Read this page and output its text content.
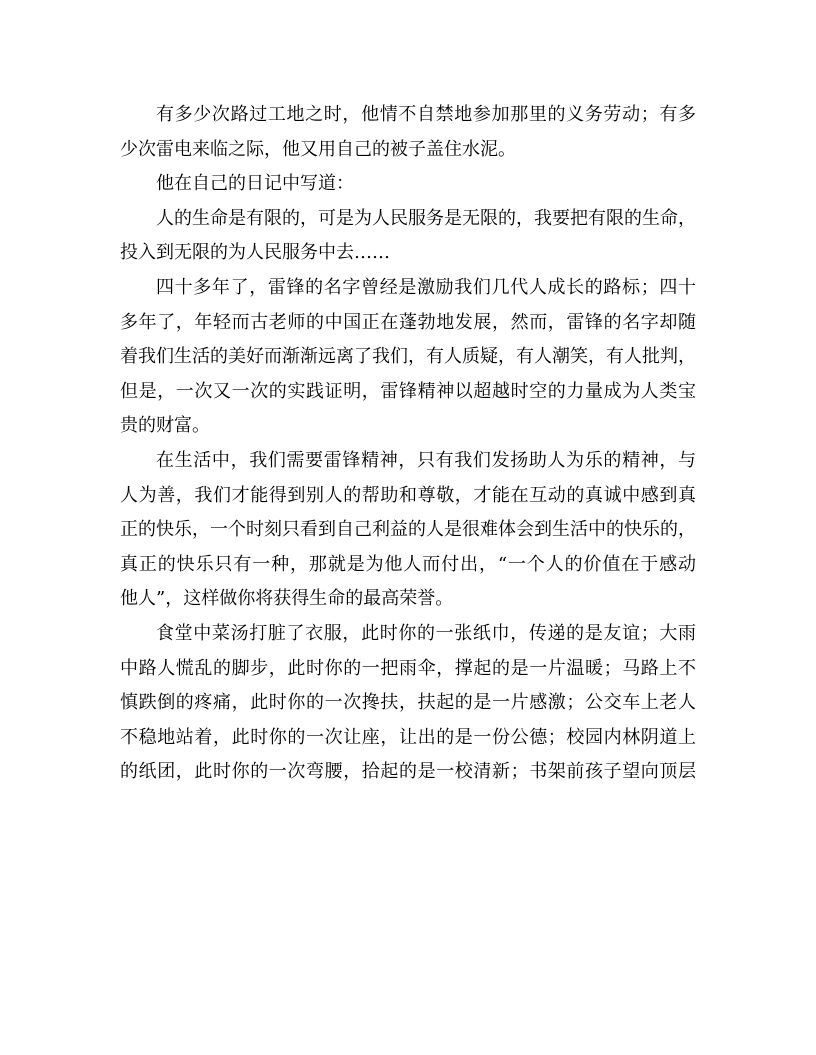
有多少次路过工地之时，他情不自禁地参加那里的义务劳动；有多
少次雷电来临之际，他又用自己的被子盖住水泥。

他在自己的日记中写道：

人的生命是有限的，可是为人民服务是无限的，我要把有限的生命，
投入到无限的为人民服务中去……

四十多年了，雷锋的名字曾经是激励我们几代人成长的路标；四十
多年了，年轻而古老师的中国正在蓬勃地发展，然而，雷锋的名字却随
着我们生活的美好而渐渐远离了我们，有人质疑，有人潮笑，有人批判，
但是，一次又一次的实践证明，雷锋精神以超越时空的力量成为人类宝
贵的财富。

在生活中，我们需要雷锋精神，只有我们发扬助人为乐的精神，与
人为善，我们才能得到别人的帮助和尊敬，才能在互动的真诚中感到真
正的快乐，一个时刻只看到自己利益的人是很难体会到生活中的快乐的，
真正的快乐只有一种，那就是为他人而付出，“一个人的价值在于感动
他人”，这样做你将获得生命的最高荣誉。

食堂中菜汤打脏了衣服，此时你的一张纸巾，传递的是友谊；大雨
中路人慌乱的脚步，此时你的一把雨伞，撑起的是一片温暖；马路上不
慎跌倒的疼痛，此时你的一次搀扶，扶起的是一片感激；公交车上老人
不稳地站着，此时你的一次让座，让出的是一份公德；校园内林阴道上
的纸团，此时你的一次弯腰，拾起的是一校清新；书架前孩子望向顶层
